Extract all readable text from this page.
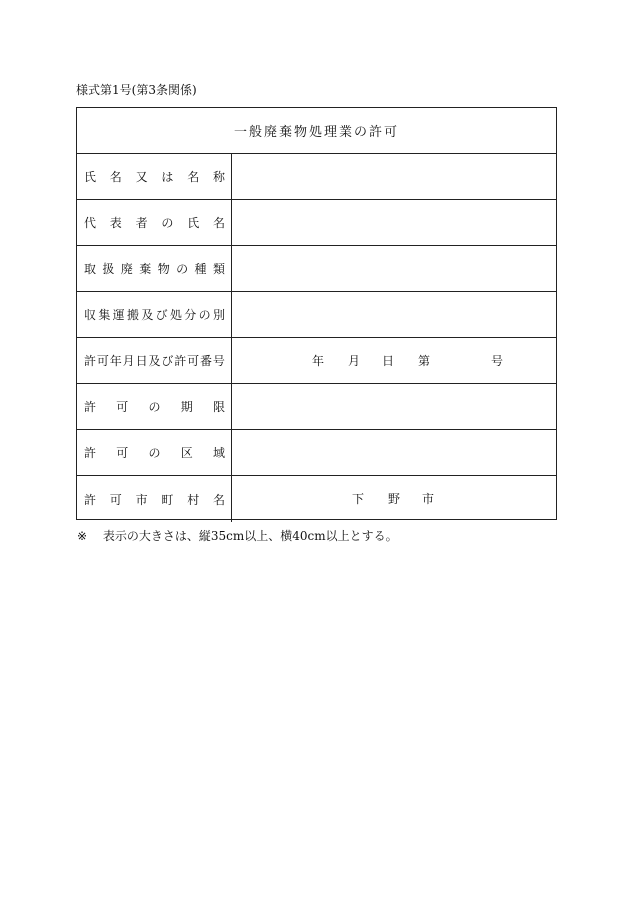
様式第1号(第3条関係)
一般廃棄物処理業の許可
氏 名 又 は 名 称
代 表 者 の 氏 名
取 扱 廃 棄 物 の 種 類
収 集 運 搬 及 び 処 分 の 別
許 可 年 月 日 及 び 許 可 番 号	年 月 日 第	号
許 可 の 期 限
許 可 の 区 域
許 可 市 町 村 名	下 野 市
※ 表示の大きさは、縦35cm以上、横40cm以上とする。
